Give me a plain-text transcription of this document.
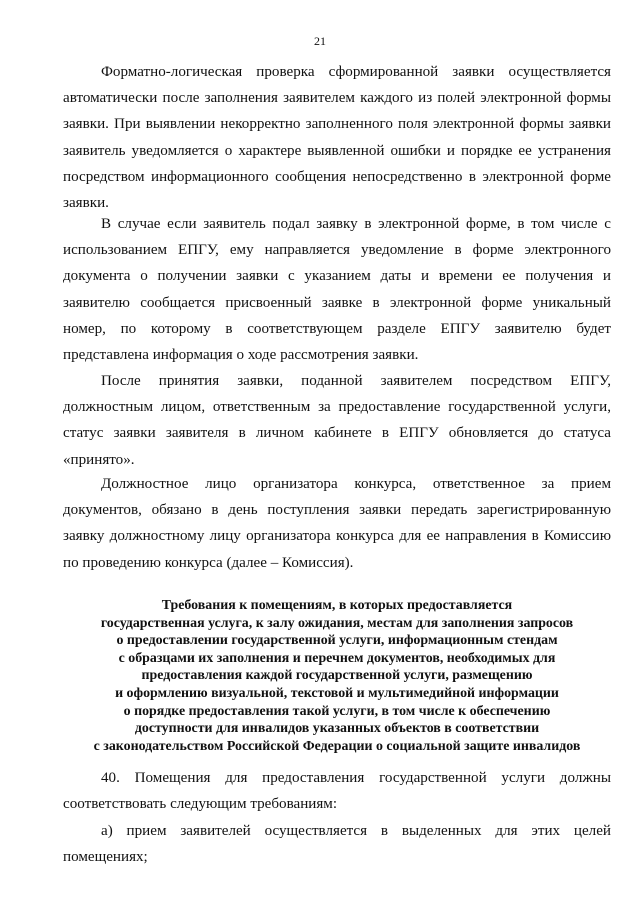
21

Форматно-логическая проверка сформированной заявки осуществляется автоматически после заполнения заявителем каждого из полей электронной формы заявки. При выявлении некорректно заполненного поля электронной формы заявки заявитель уведомляется о характере выявленной ошибки и порядке ее устранения посредством информационного сообщения непосредственно в электронной форме заявки.

В случае если заявитель подал заявку в электронной форме, в том числе с использованием ЕПГУ, ему направляется уведомление в форме электронного документа о получении заявки с указанием даты и времени ее получения и заявителю сообщается присвоенный заявке в электронной форме уникальный номер, по которому в соответствующем разделе ЕПГУ заявителю будет представлена информация о ходе рассмотрения заявки.

После принятия заявки, поданной заявителем посредством ЕПГУ, должностным лицом, ответственным за предоставление государственной услуги, статус заявки заявителя в личном кабинете в ЕПГУ обновляется до статуса «принято».

Должностное лицо организатора конкурса, ответственное за прием документов, обязано в день поступления заявки передать зарегистрированную заявку должностному лицу организатора конкурса для ее направления в Комиссию по проведению конкурса (далее – Комиссия).

Требования к помещениям, в которых предоставляется
государственная услуга, к залу ожидания, местам для заполнения запросов
о предоставлении государственной услуги, информационным стендам
с образцами их заполнения и перечнем документов, необходимых для
предоставления каждой государственной услуги, размещению
и оформлению визуальной, текстовой и мультимедийной информации
о порядке предоставления такой услуги, в том числе к обеспечению
доступности для инвалидов указанных объектов в соответствии
с законодательством Российской Федерации о социальной защите инвалидов

40. Помещения для предоставления государственной услуги должны соответствовать следующим требованиям:

а) прием заявителей осуществляется в выделенных для этих целей помещениях;
